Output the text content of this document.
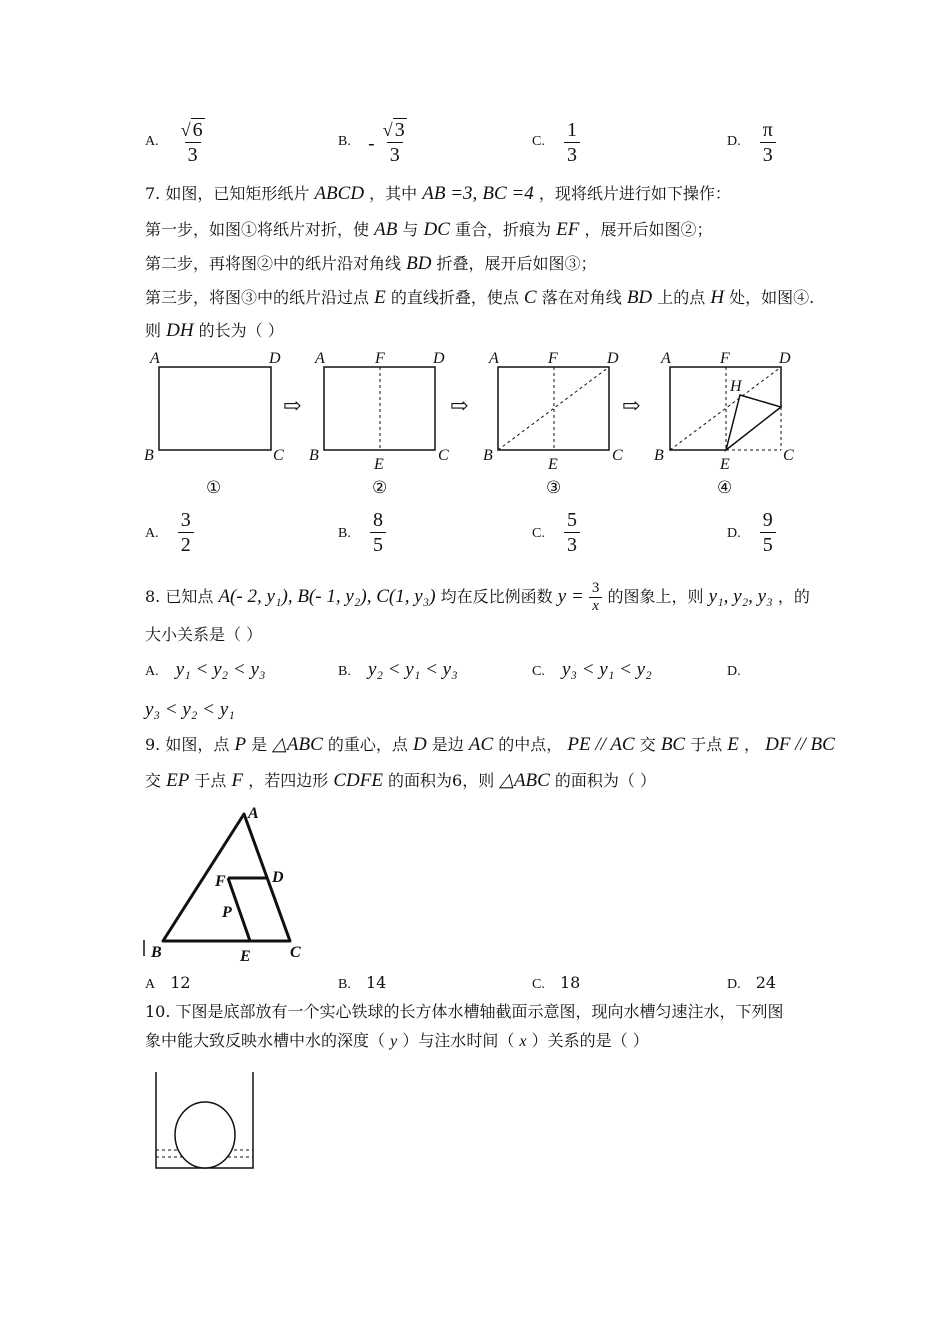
A. $\frac{√ 6}{3}$	B. - $\frac{√ 3}{3}$	C. $\frac{1}{3}$	D. $\frac{\pi}{3}$
7. 如图，已知矩形纸片 ABCD ，其中 AB =3, BC =4 ，现将纸片进行如下操作：
第一步，如图①将纸片对折，使 AB 与 DC 重合，折痕为 EF ，展开后如图②；
第二步，再将图②中的纸片沿对角线 BD 折叠，展开后如图③；
第三步，将图③中的纸片沿过点 E 的直线折叠，使点 C 落在对角线 BD 上的点 H 处，如图④.
则 DH 的长为（ ）
A	D
B	C
A	F	D
B
E
C
A	F	D
B
E
C
A	F	D
B
E
C
H
⇨	⇨	⇨
①	②	③	④
A. $\frac{3}{2}$	B. $\frac{8}{5}$	C. $\frac{5}{3}$	D. $\frac{9}{5}$
8. 已知点 A(- 2, y₁), B(- 1, y₂), C(1, y₃) 均在反比例函数 $y = \frac{3}{x}$ 的图象上，则 y₁, y₂, y₃ ，的
大小关系是（ ）
A. y₁ < y₂ < y₃	B. y₂ < y₁ < y₃	C. y₃ < y₁ < y₂	D.
y₃ < y₂ < y₁
9. 如图，点 P 是 △ABC 的重心，点 D 是边 AC 的中点， PE // AC 交 BC 于点 E ， DF // BC
交 EP 于点 F ，若四边形 CDFE 的面积为6，则 △ABC 的面积为（ ）
A
D
F
P
B	E C
A 12	B. 14	C. 18	D. 24
10. 下图是底部放有一个实心铁球的长方体水槽轴截面示意图，现向水槽匀速注水，下列图
象中能大致反映水槽中水的深度（ y ）与注水时间（ x ）关系的是（ ）
